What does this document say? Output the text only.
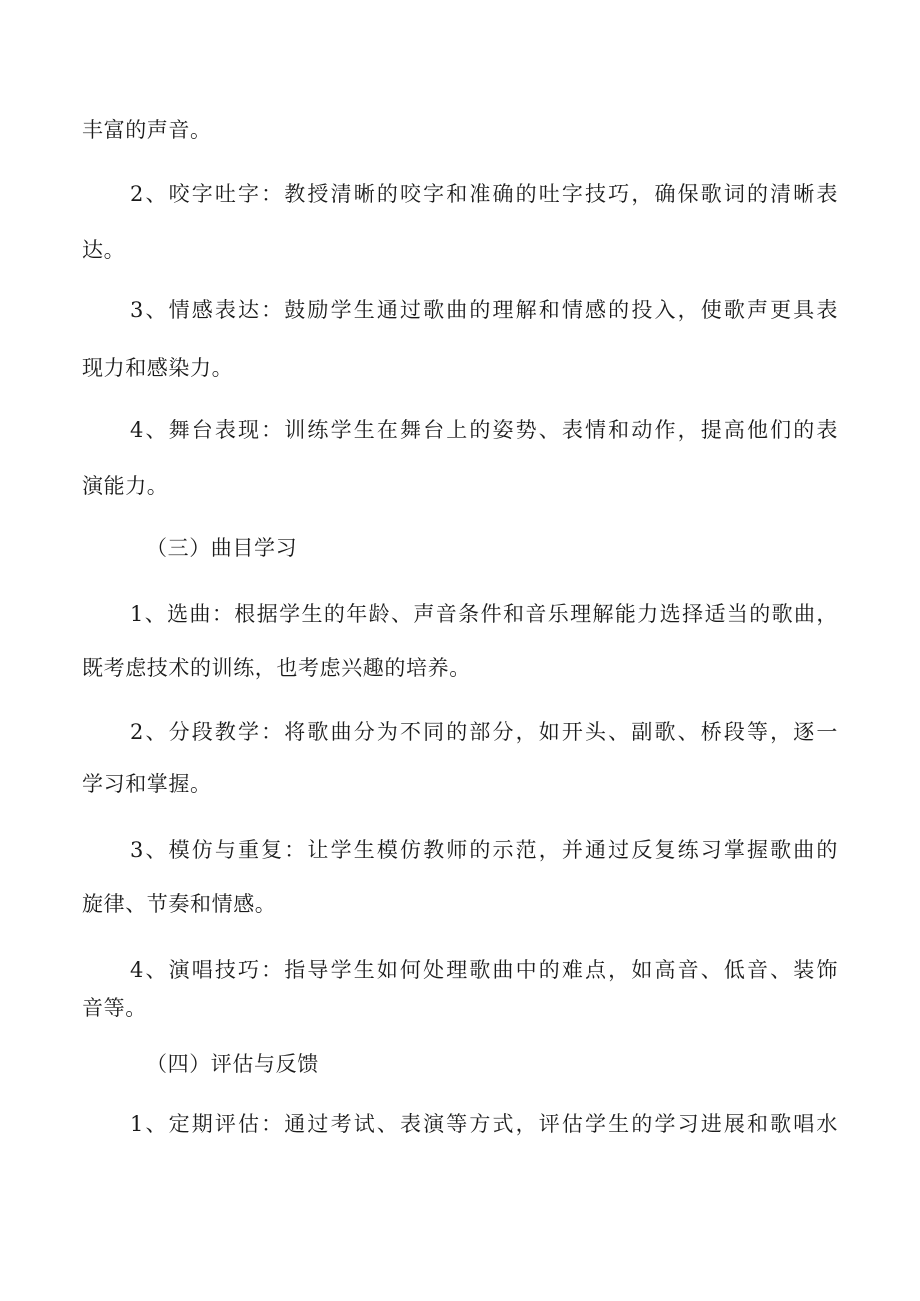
丰富的声音。
2、咬字吐字：教授清晰的咬字和准确的吐字技巧，确保歌词的清晰表
达。
3、情感表达：鼓励学生通过歌曲的理解和情感的投入，使歌声更具表
现力和感染力。
4、舞台表现：训练学生在舞台上的姿势、表情和动作，提高他们的表
演能力。
（三）曲目学习
1、选曲：根据学生的年龄、声音条件和音乐理解能力选择适当的歌曲，
既考虑技术的训练，也考虑兴趣的培养。
2、分段教学：将歌曲分为不同的部分，如开头、副歌、桥段等，逐一
学习和掌握。
3、模仿与重复：让学生模仿教师的示范，并通过反复练习掌握歌曲的
旋律、节奏和情感。
4、演唱技巧：指导学生如何处理歌曲中的难点，如高音、低音、装饰
音等。
（四）评估与反馈
1、定期评估：通过考试、表演等方式，评估学生的学习进展和歌唱水
